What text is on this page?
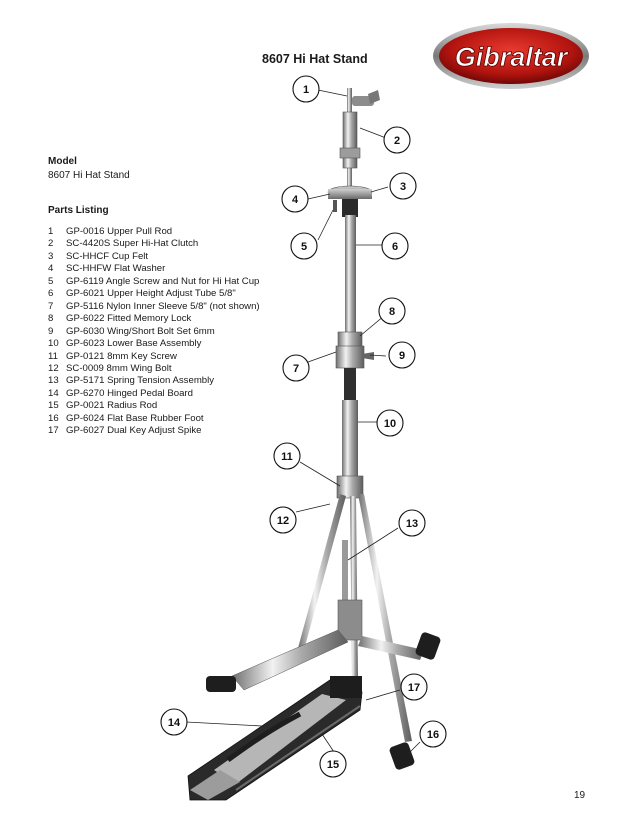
8607 Hi Hat Stand	Gibraltar
Model
8607 Hi Hat Stand
Parts Listing
1	GP-0016 Upper Pull Rod
2	SC-4420S Super Hi-Hat Clutch
3	SC-HHCF Cup Felt
4	SC-HHFW Flat Washer
5	GP-6119 Angle Screw and Nut for Hi Hat Cup
6	GP-6021 Upper Height Adjust Tube 5/8"
7	GP-5116 Nylon Inner Sleeve 5/8" (not shown)
8	GP-6022 Fitted Memory Lock
9	GP-6030 Wing/Short Bolt Set 6mm
10 GP-6023 Lower Base Assembly
11 GP-0121 8mm Key Screw
12 SC-0009 8mm Wing Bolt
13 GP-5171 Spring Tension Assembly
14 GP-6270 Hinged Pedal Board
15 GP-0021 Radius Rod
16 GP-6024 Flat Base Rubber Foot
17 GP-6027 Dual Key Adjust Spike
1
2
3
4
5	6
7
8
9
10
11
12	13
14
15
16
17
19
